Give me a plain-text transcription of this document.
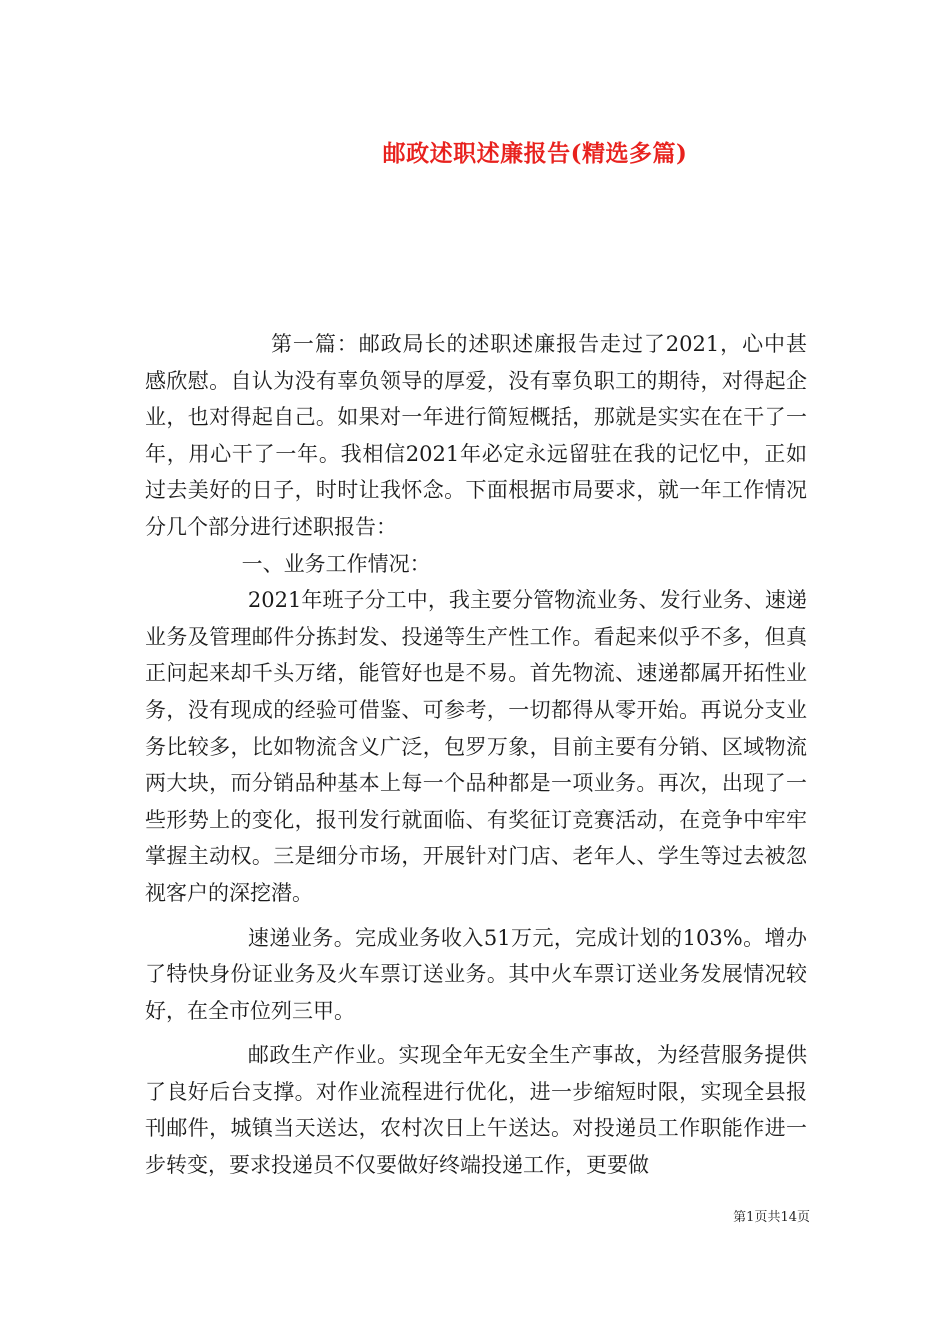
邮政述职述廉报告(精选多篇)

第一篇：邮政局长的述职述廉报告走过了2021，心中甚感欣慰。自认为没有辜负领导的厚爱，没有辜负职工的期待，对得起企业，也对得起自己。如果对一年进行简短概括，那就是实实在在干了一年，用心干了一年。我相信2021年必定永远留驻在我的记忆中，正如过去美好的日子，时时让我怀念。下面根据市局要求，就一年工作情况分几个部分进行述职报告：

一、业务工作情况：

2021年班子分工中，我主要分管物流业务、发行业务、速递业务及管理邮件分拣封发、投递等生产性工作。看起来似乎不多，但真正问起来却千头万绪，能管好也是不易。首先物流、速递都属开拓性业务，没有现成的经验可借鉴、可参考，一切都得从零开始。再说分支业务比较多，比如物流含义广泛，包罗万象，目前主要有分销、区域物流两大块，而分销品种基本上每一个品种都是一项业务。再次，出现了一些形势上的变化，报刊发行就面临、有奖征订竞赛活动，在竞争中牢牢掌握主动权。三是细分市场，开展针对门店、老年人、学生等过去被忽视客户的深挖潜。

速递业务。完成业务收入51万元，完成计划的103%。增办了特快身份证业务及火车票订送业务。其中火车票订送业务发展情况较好，在全市位列三甲。

邮政生产作业。实现全年无安全生产事故，为经营服务提供了良好后台支撑。对作业流程进行优化，进一步缩短时限，实现全县报刊邮件，城镇当天送达，农村次日上午送达。对投递员工作职能作进一步转变，要求投递员不仅要做好终端投递工作，更要做

第1页共14页
